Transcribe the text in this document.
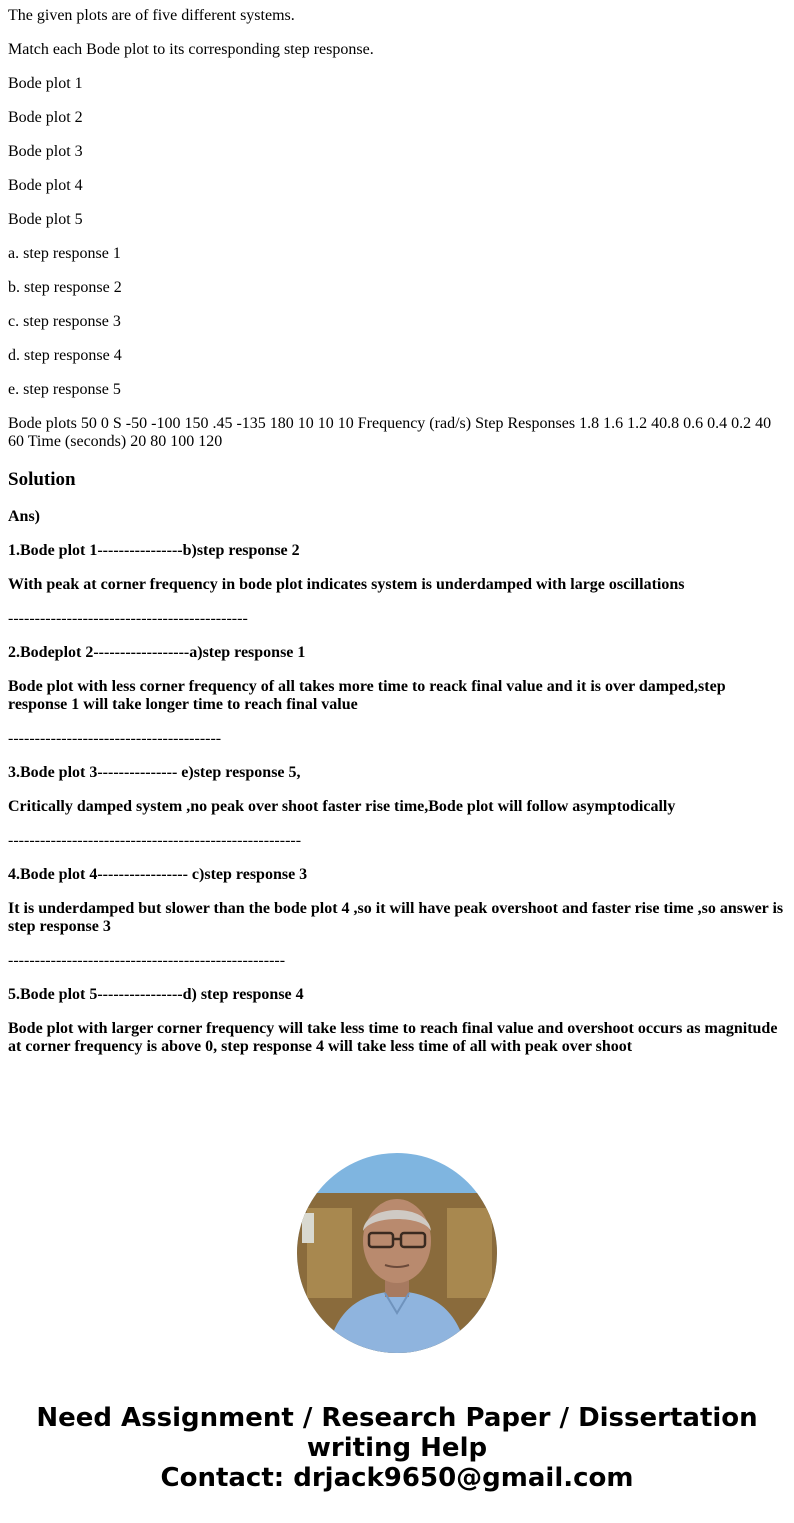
The given plots are of five different systems.

Match each Bode plot to its corresponding step response.

Bode plot 1

Bode plot 2

Bode plot 3

Bode plot 4

Bode plot 5

a. step response 1

b. step response 2

c. step response 3

d. step response 4

e. step response 5

Bode plots 50 0 S -50 -100 150 .45 -135 180 10 10 10 Frequency (rad/s) Step Responses 1.8 1.6 1.2 40.8 0.6 0.4 0.2 40 60 Time (seconds) 20 80 100 120

Solution

Ans)

1.Bode plot 1----------------b)step response 2

With peak at corner frequency in bode plot indicates system is underdamped with large oscillations

---------------------------------------------

2.Bodeplot 2------------------a)step response 1

Bode plot with less corner frequency of all takes more time to reack final value and it is over damped,step response 1 will take longer time to reach final value

----------------------------------------

3.Bode plot 3--------------- e)step response 5,

Critically damped system ,no peak over shoot faster rise time,Bode plot will follow asymptodically

-------------------------------------------------------

4.Bode plot 4----------------- c)step response 3

It is underdamped but slower than the bode plot 4 ,so it will have peak overshoot and faster rise time ,so answer is step response 3

----------------------------------------------------

5.Bode plot 5----------------d) step response 4

Bode plot with larger corner frequency will take less time to reach final value and overshoot occurs as magnitude at corner frequency is above 0, step response 4 will take less time of all with peak over shoot

Need Assignment / Research Paper / Dissertation
writing Help
Contact: drjack9650@gmail.com
